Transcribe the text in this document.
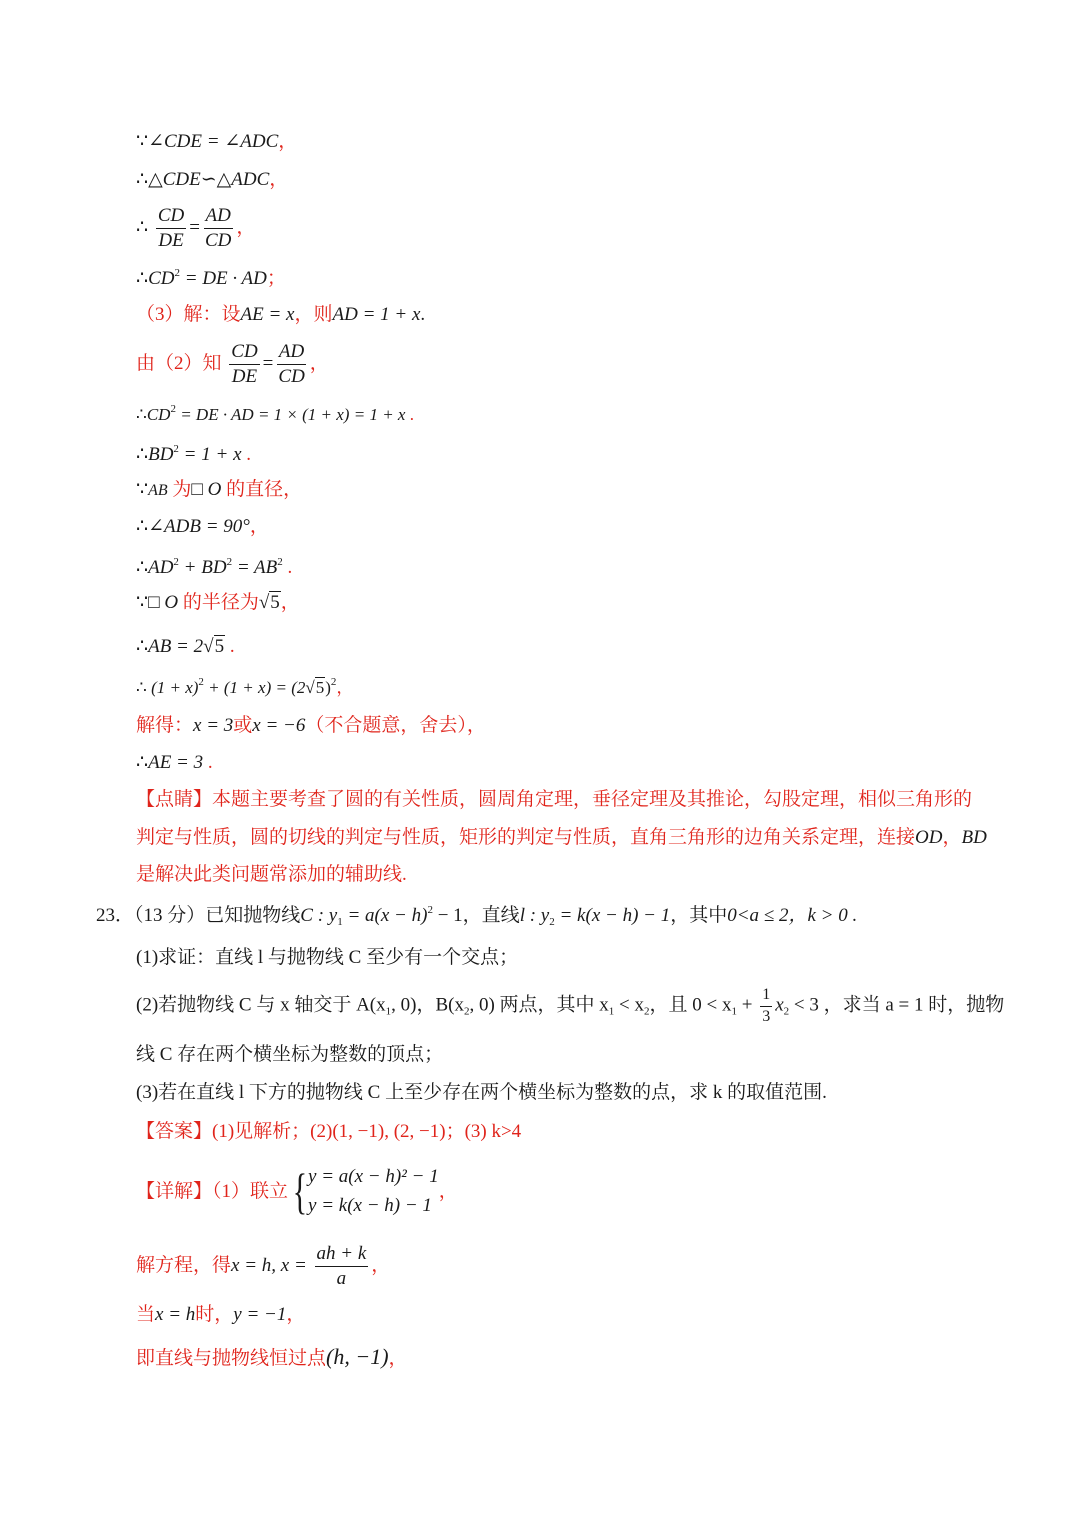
∵∠CDE = ∠ADC，
∴△CDE∽△ADC，
∴ $\frac{CD}{DE} = \frac{AD}{CD}$ ，
$\therefore CD^2$ = DE · AD；
（3）解：设AE = x，则AD = 1 + x.
由（2）知 $\frac{CD}{DE} = \frac{AD}{CD}$ ，
$\therefore CD^2$ = DE · AD = 1 × (1 + x) = 1 + x .
$\therefore BD^2 = 1 + x$ .
∵AB 为□ O 的直径，
∴∠ADB = 90°，
$\therefore AD^2 + BD^2 = AB^2$ .
∵□ O 的半径为√5，
∴AB = 2√5 .
∴ $(1 + x)^2 + (1 + x) = (2√5)^2$，
解得：x = 3或x = −6（不合题意，舍去），
∴AE = 3 .
【点睛】本题主要考查了圆的有关性质，圆周角定理，垂径定理及其推论，勾股定理，相似三角形的
判定与性质，圆的切线的判定与性质，矩形的判定与性质，直角三角形的边角关系定理，连接OD，BD
是解决此类问题常添加的辅助线.
23．（13 分）已知抛物线C : $y_1 = a(x - h)^2 - 1$，直线l : $y_2 = k(x - h) - 1$，其中0<a ≤ 2，k > 0 .
(1)求证：直线 l 与抛物线 C 至少有一个交点；
(2)若抛物线 C 与 x 轴交于 $A(x_1$, 0)，$B(x_2$, 0) 两点，其中 $x_1 < x_2$，且 $0 < x_1 + \frac{1}{3} x_2 < 3$ ，求当 a = 1 时，抛物
线 C 存在两个横坐标为整数的顶点；
(3)若在直线 l 下方的抛物线 C 上至少存在两个横坐标为整数的点，求 k 的取值范围.
【答案】(1)见解析；(2)(1, −1), (2, −1)；(3) k>4
【详解】（1）联立{ y = a(x − h)² − 1
y = k(x − h) − 1
，
解方程，得x = h, $x = \frac{ah + k}{a}$ ，
当x = h时，y = −1，
即直线与抛物线恒过点(h, −1)，
